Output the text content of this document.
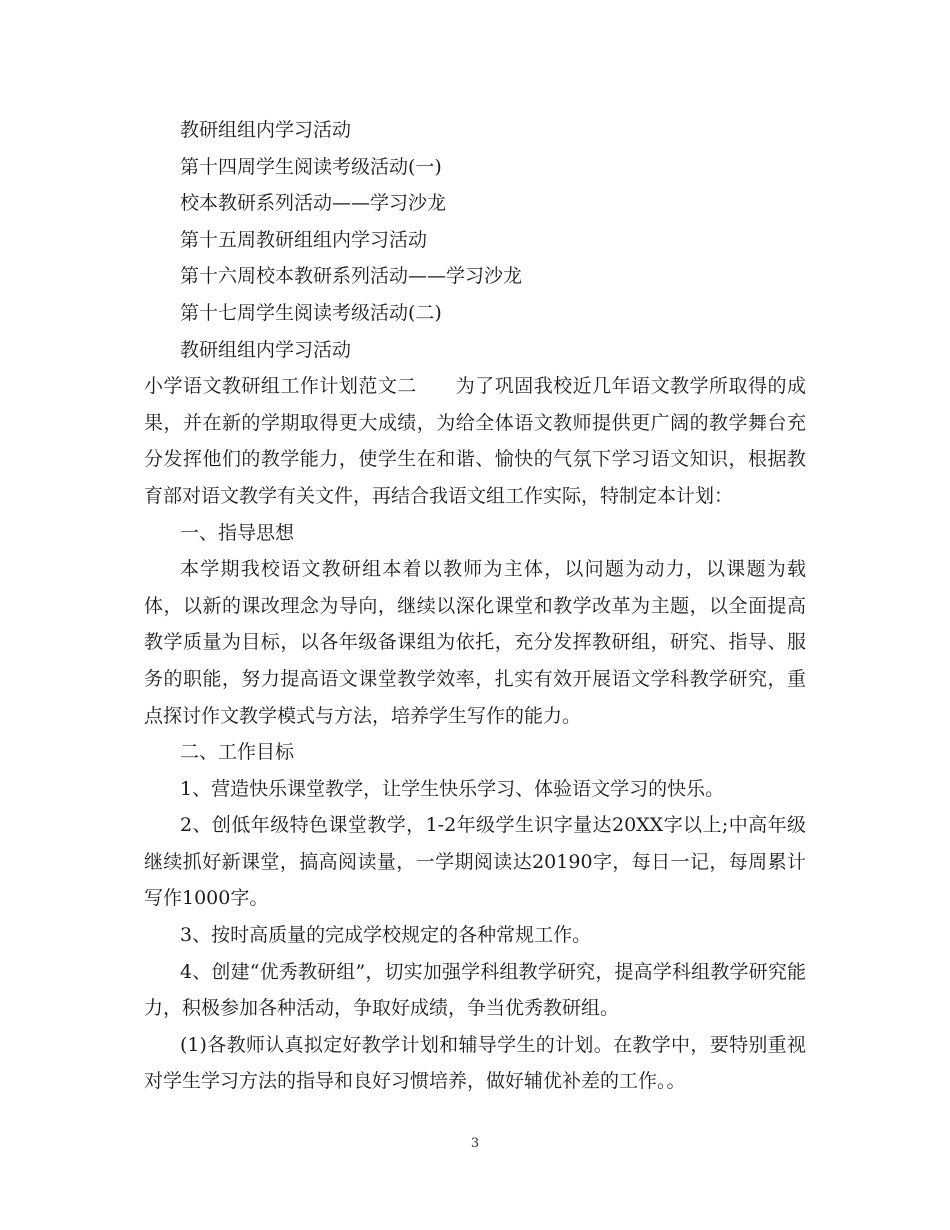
教研组组内学习活动

第十四周学生阅读考级活动(一)

校本教研系列活动——学习沙龙

第十五周教研组组内学习活动

第十六周校本教研系列活动——学习沙龙

第十七周学生阅读考级活动(二)

教研组组内学习活动

小学语文教研组工作计划范文二　　为了巩固我校近几年语文教学所取得的成果，并在新的学期取得更大成绩，为给全体语文教师提供更广阔的教学舞台充分发挥他们的教学能力，使学生在和谐、愉快的气氛下学习语文知识，根据教育部对语文教学有关文件，再结合我语文组工作实际，特制定本计划：

一、指导思想

本学期我校语文教研组本着以教师为主体，以问题为动力，以课题为载体，以新的课改理念为导向，继续以深化课堂和教学改革为主题，以全面提高教学质量为目标，以各年级备课组为依托，充分发挥教研组，研究、指导、服务的职能，努力提高语文课堂教学效率，扎实有效开展语文学科教学研究，重点探讨作文教学模式与方法，培养学生写作的能力。

二、工作目标

1、营造快乐课堂教学，让学生快乐学习、体验语文学习的快乐。

2、创低年级特色课堂教学，1-2年级学生识字量达20XX字以上;中高年级继续抓好新课堂，搞高阅读量，一学期阅读达20190字，每日一记，每周累计写作1000字。

3、按时高质量的完成学校规定的各种常规工作。

4、创建“优秀教研组”，切实加强学科组教学研究，提高学科组教学研究能力，积极参加各种活动，争取好成绩，争当优秀教研组。

(1)各教师认真拟定好教学计划和辅导学生的计划。在教学中，要特别重视对学生学习方法的指导和良好习惯培养，做好辅优补差的工作。。

3
